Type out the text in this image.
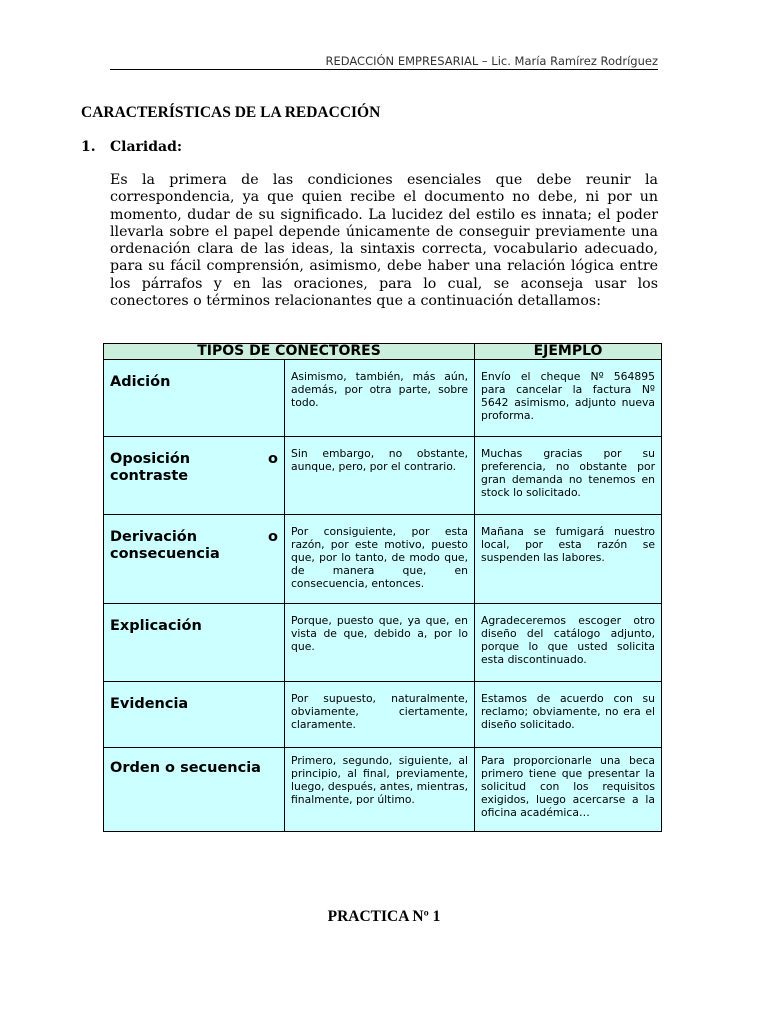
REDACCIÓN EMPRESARIAL – Lic. María Ramírez Rodríguez
CARACTERÍSTICAS DE LA REDACCIÓN
1. Claridad:

Es la primera de las condiciones esenciales que debe reunir la correspondencia, ya que quien recibe el documento no debe, ni por un momento, dudar de su significado. La lucidez del estilo es innata; el poder llevarla sobre el papel depende únicamente de conseguir previamente una ordenación clara de las ideas, la sintaxis correcta, vocabulario adecuado, para su fácil comprensión, asimismo, debe haber una relación lógica entre los párrafos y en las oraciones, para lo cual, se aconseja usar los conectores o términos relacionantes que a continuación detallamos:

TIPOS DE CONECTORES		EJEMPLO
Adición	Asimismo, también, más aún, además, por otra parte, sobre todo.	Envío el cheque Nº 564895 para cancelar la factura Nº 5642 asimismo, adjunto nueva proforma.

Oposición o
contraste	Sin embargo, no obstante, aunque, pero, por el contrario.	Muchas gracias por su preferencia, no obstante por gran demanda no tenemos en stock lo solicitado.
Derivación o consecuencia	Por consiguiente, por esta razón, por este motivo, puesto que, por lo tanto, de modo que, de manera que, en consecuencia, entonces.	Mañana se fumigará nuestro local, por esta razón se suspenden las labores.
Explicación	Porque, puesto que, ya que, en vista de que, debido a, por lo que.	Agradeceremos escoger otro diseño del catálogo adjunto, porque lo que usted solicita esta discontinuado.
Evidencia	Por supuesto, naturalmente, obviamente, ciertamente, claramente.	Estamos de acuerdo con su reclamo; obviamente, no era el diseño solicitado.
Orden o secuencia	Primero, segundo, siguiente, al principio, al final, previamente, luego, después, antes, mientras, finalmente, por último.	Para proporcionarle una beca primero tiene que presentar la solicitud con los requisitos exigidos, luego acercarse a la oficina académica…
PRACTICA Nº 1
